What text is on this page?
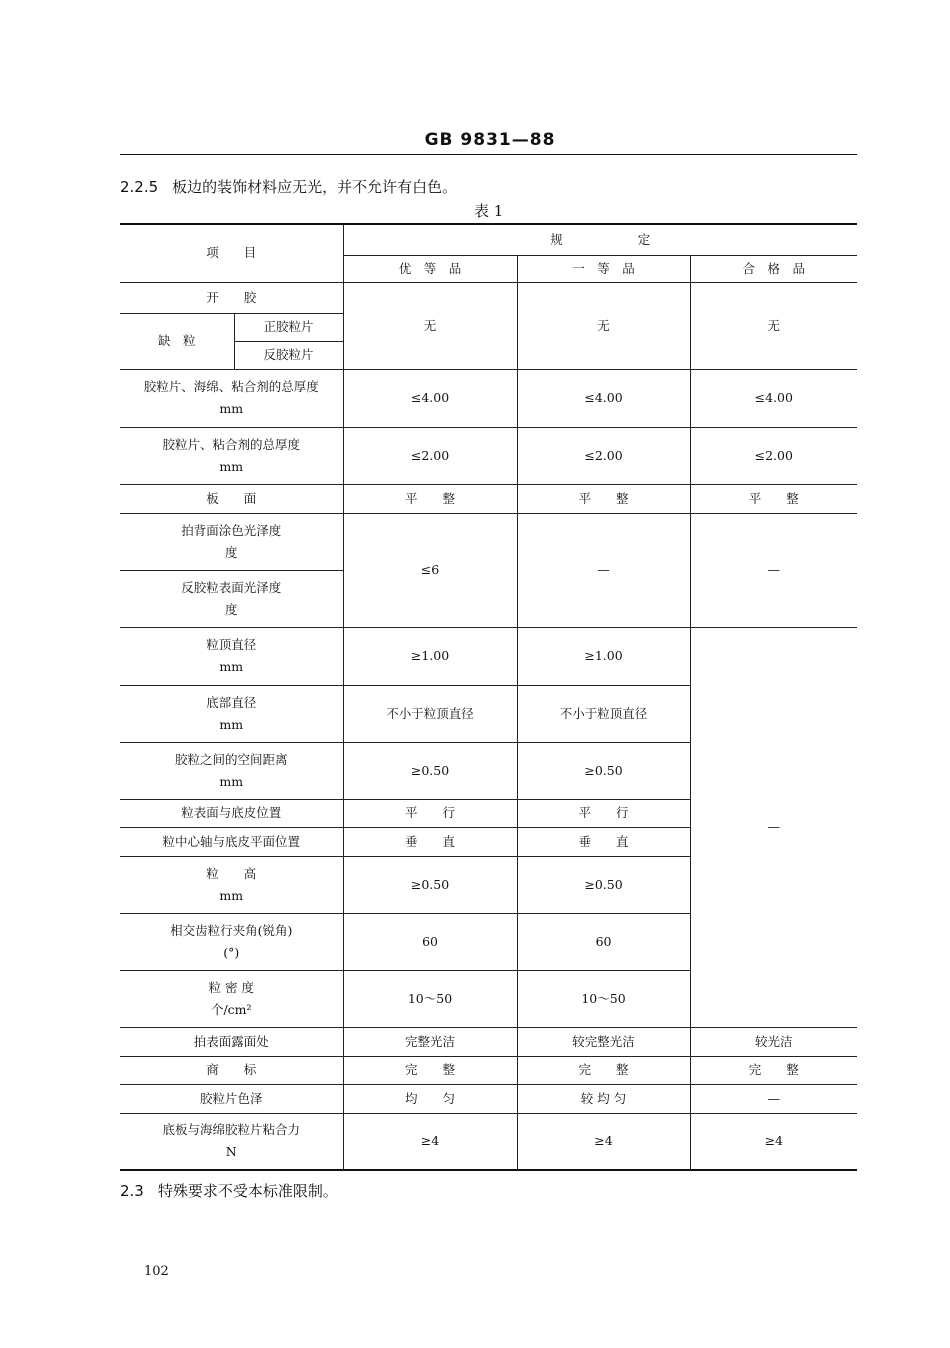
GB 9831—88
2.2.5 板边的装饰材料应无光，并不允许有白色。
表 1
项　　目		规　　　　　　定		
		优　等　品	一　等　品	合　格　品
开　　胶		无	无	无
缺　粒	正胶粒片			
	反胶粒片			

胶粒片、海绵、粘合剂的总厚度
mm		≤4.00	≤4.00	≤4.00

胶粒片、粘合剂的总厚度
mm		≤2.00	≤2.00	≤2.00
板　　面		平　　整	平　　整	平　　整

拍背面涂色光泽度
度		≤6	—	—

反胶粒表面光泽度
度				

粒顶直径
mm		≥1.00	≥1.00	—

底部直径
mm		不小于粒顶直径	不小于粒顶直径	

胶粒之间的空间距离
mm		≥0.50	≥0.50	
粒表面与底皮位置		平　　行	平　　行	
粒中心轴与底皮平面位置		垂　　直	垂　　直	

粒　　高
mm		≥0.50	≥0.50	

相交齿粒行夹角(锐角)
(°)		60	60	

粒 密 度
个/cm²		10～50	10～50	
拍表面露面处		完整光洁	较完整光洁	较光洁
商　　标		完　　整	完　　整	完　　整
胶粒片色泽		均　　匀	较 均 匀	—

底板与海绵胶粒片粘合力
N		≥4	≥4	≥4
2.3 特殊要求不受本标准限制。
102
